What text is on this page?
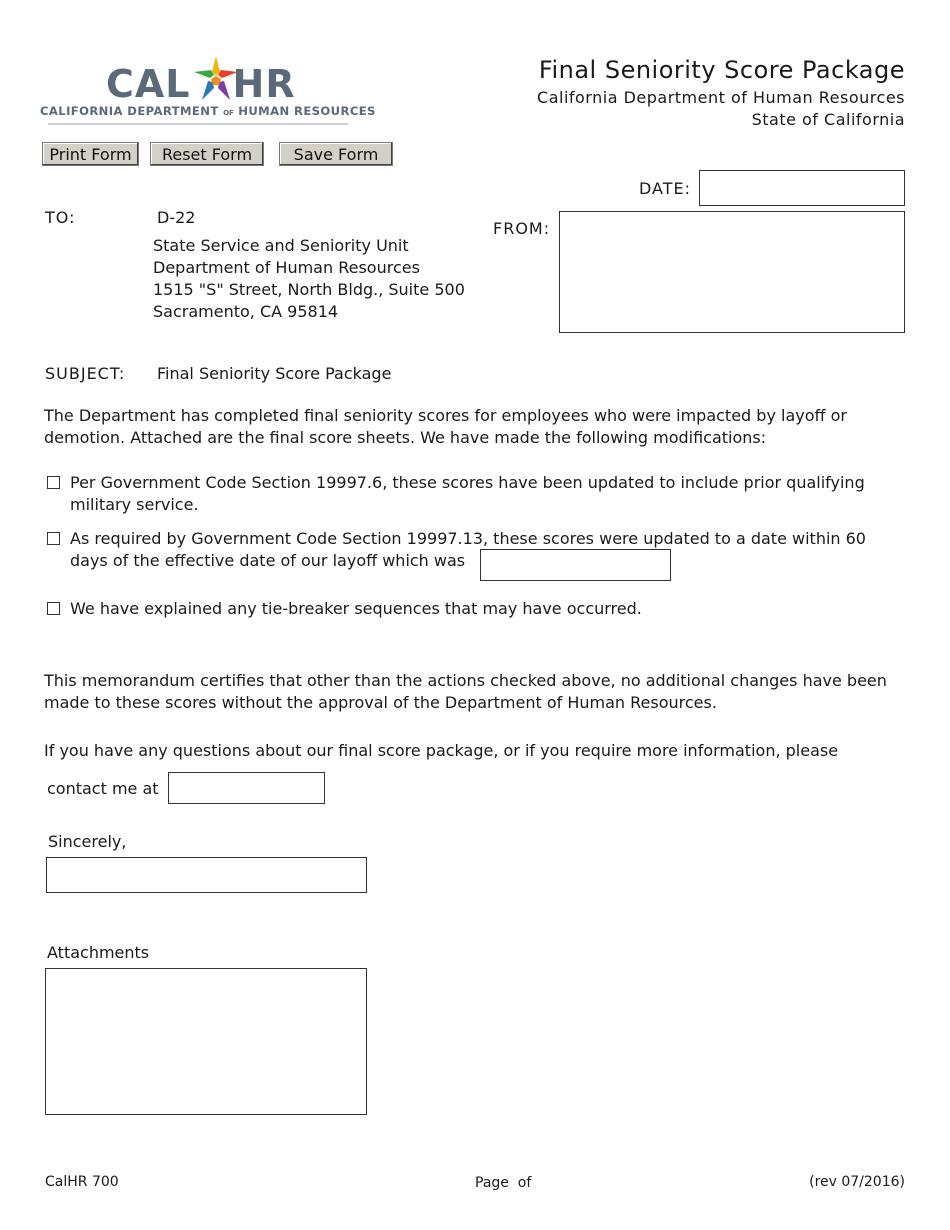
CAL HR
CALIFORNIA DEPARTMENT OF HUMAN RESOURCES
Final Seniority Score Package
California Department of Human Resources
State of California
Print Form	Reset Form	Save Form
DATE:
TO:	D-22
State Service and Seniority Unit
Department of Human Resources
1515 "S" Street, North Bldg., Suite 500
Sacramento, CA 95814
FROM:
SUBJECT: Final Seniority Score Package
The Department has completed final seniority scores for employees who were impacted by layoff or demotion. Attached are the final score sheets. We have made the following modifications:
Per Government Code Section 19997.6, these scores have been updated to include prior qualifying
military service.
As required by Government Code Section 19997.13, these scores were updated to a date within 60
days of the effective date of our layoff which was
We have explained any tie-breaker sequences that may have occurred.
This memorandum certifies that other than the actions checked above, no additional changes have been made to these scores without the approval of the Department of Human Resources.
If you have any questions about our final score package, or if you require more information, please
contact me at
Sincerely,
Attachments
CalHR 700	Page  of	(rev 07/2016)
